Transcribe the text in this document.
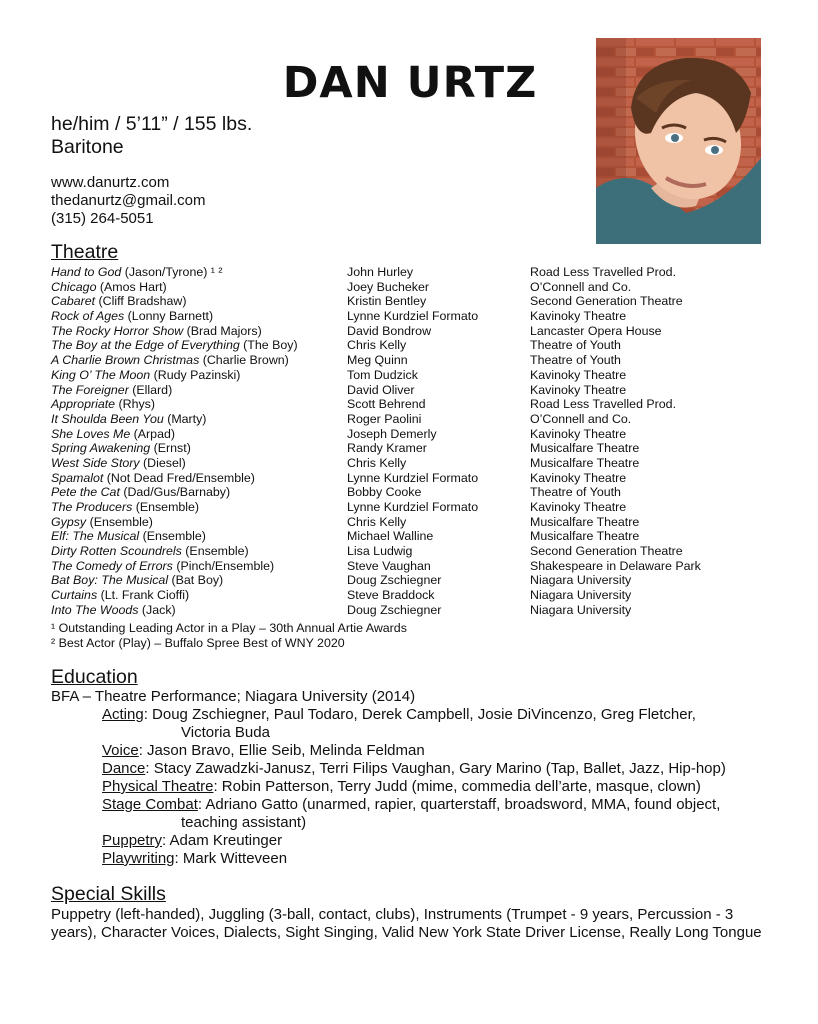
DAN URTZ
he/him / 5’11” / 155 lbs.
Baritone
www.danurtz.com
thedanurtz@gmail.com
(315) 264-5051
Theatre
Hand to God (Jason/Tyrone) ¹ ²	John Hurley	Road Less Travelled Prod.
Chicago (Amos Hart)	Joey Bucheker	O’Connell and Co.
Cabaret (Cliff Bradshaw)	Kristin Bentley	Second Generation Theatre
Rock of Ages (Lonny Barnett)	Lynne Kurdziel Formato	Kavinoky Theatre
The Rocky Horror Show (Brad Majors)	David Bondrow	Lancaster Opera House
The Boy at the Edge of Everything (The Boy)	Chris Kelly	Theatre of Youth
A Charlie Brown Christmas (Charlie Brown)	Meg Quinn	Theatre of Youth
King O’ The Moon (Rudy Pazinski)	Tom Dudzick	Kavinoky Theatre
The Foreigner (Ellard)	David Oliver	Kavinoky Theatre
Appropriate (Rhys)	Scott Behrend	Road Less Travelled Prod.
It Shoulda Been You (Marty)	Roger Paolini	O’Connell and Co.
She Loves Me (Arpad)	Joseph Demerly	Kavinoky Theatre
Spring Awakening (Ernst)	Randy Kramer	Musicalfare Theatre
West Side Story (Diesel)	Chris Kelly	Musicalfare Theatre
Spamalot (Not Dead Fred/Ensemble)	Lynne Kurdziel Formato	Kavinoky Theatre
Pete the Cat (Dad/Gus/Barnaby)	Bobby Cooke	Theatre of Youth
The Producers (Ensemble)	Lynne Kurdziel Formato	Kavinoky Theatre
Gypsy (Ensemble)	Chris Kelly	Musicalfare Theatre
Elf: The Musical (Ensemble)	Michael Walline	Musicalfare Theatre
Dirty Rotten Scoundrels (Ensemble)	Lisa Ludwig	Second Generation Theatre
The Comedy of Errors (Pinch/Ensemble)	Steve Vaughan	Shakespeare in Delaware Park
Bat Boy: The Musical (Bat Boy)	Doug Zschiegner	Niagara University
Curtains (Lt. Frank Cioffi)	Steve Braddock	Niagara University
Into The Woods (Jack)	Doug Zschiegner	Niagara University
¹ Outstanding Leading Actor in a Play – 30th Annual Artie Awards
² Best Actor (Play) – Buffalo Spree Best of WNY 2020
Education
BFA – Theatre Performance; Niagara University (2014)
Acting: Doug Zschiegner, Paul Todaro, Derek Campbell, Josie DiVincenzo, Greg Fletcher,
Victoria Buda
Voice: Jason Bravo, Ellie Seib, Melinda Feldman
Dance: Stacy Zawadzki-Janusz, Terri Filips Vaughan, Gary Marino (Tap, Ballet, Jazz, Hip-hop)
Physical Theatre: Robin Patterson, Terry Judd (mime, commedia dell’arte, masque, clown)
Stage Combat: Adriano Gatto (unarmed, rapier, quarterstaff, broadsword, MMA, found object,
teaching assistant)
Puppetry: Adam Kreutinger
Playwriting: Mark Witteveen
Special Skills
Puppetry (left-handed), Juggling (3-ball, contact, clubs), Instruments (Trumpet - 9 years, Percussion - 3 years), Character Voices, Dialects, Sight Singing, Valid New York State Driver License, Really Long Tongue
